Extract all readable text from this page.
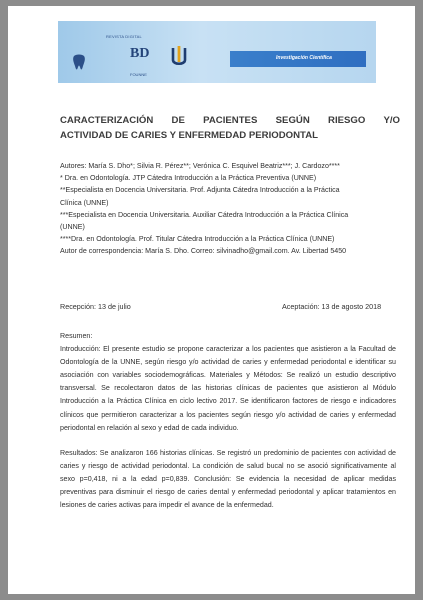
REVISTA DIGITAL
BD
FOUNNE
Investigación Científica
CARACTERIZACIÓN DE PACIENTES SEGÚN RIESGO Y/O
ACTIVIDAD DE CARIES Y ENFERMEDAD PERIODONTAL
Autores: María S. Dho*; Silvia R. Pérez**; Verónica C. Esquivel Beatriz***; J. Cardozo****
* Dra. en Odontología. JTP Cátedra Introducción a la Práctica Preventiva (UNNE)
**Especialista en Docencia Universitaria. Prof. Adjunta Cátedra Introducción a la Práctica
Clínica (UNNE)
***Especialista en Docencia Universitaria. Auxiliar Cátedra Introducción a la Práctica Clínica
(UNNE)
****Dra. en Odontología. Prof. Titular Cátedra Introducción a la Práctica Clínica (UNNE)
Autor de correspondencia: María S. Dho. Correo: silvinadho@gmail.com. Av. Libertad 5450
Recepción: 13 de julio	Aceptación: 13 de agosto 2018

Resumen:

Introducción: El presente estudio se propone caracterizar a los pacientes que asistieron a la Facultad de Odontología de la UNNE, según riesgo y/o actividad de caries y enfermedad periodontal e identificar su asociación con variables sociodemográficas. Materiales y Métodos: Se realizó un estudio descriptivo transversal. Se recolectaron datos de las historias clínicas de pacientes que asistieron al Módulo Introducción a la Práctica Clínica en ciclo lectivo 2017. Se identificaron factores de riesgo e indicadores clínicos que permitieron caracterizar a los pacientes según riesgo y/o actividad de caries y enfermedad periodontal en relación al sexo y edad de cada individuo.

Resultados: Se analizaron 166 historias clínicas. Se registró un predominio de pacientes con actividad de caries y riesgo de actividad periodontal. La condición de salud bucal no se asoció significativamente al sexo p=0,418, ni a la edad p=0,839. Conclusión: Se evidencia la necesidad de aplicar medidas preventivas para disminuir el riesgo de caries dental y enfermedad periodontal y aplicar tratamientos en lesiones de caries activas para impedir el avance de la enfermedad.
